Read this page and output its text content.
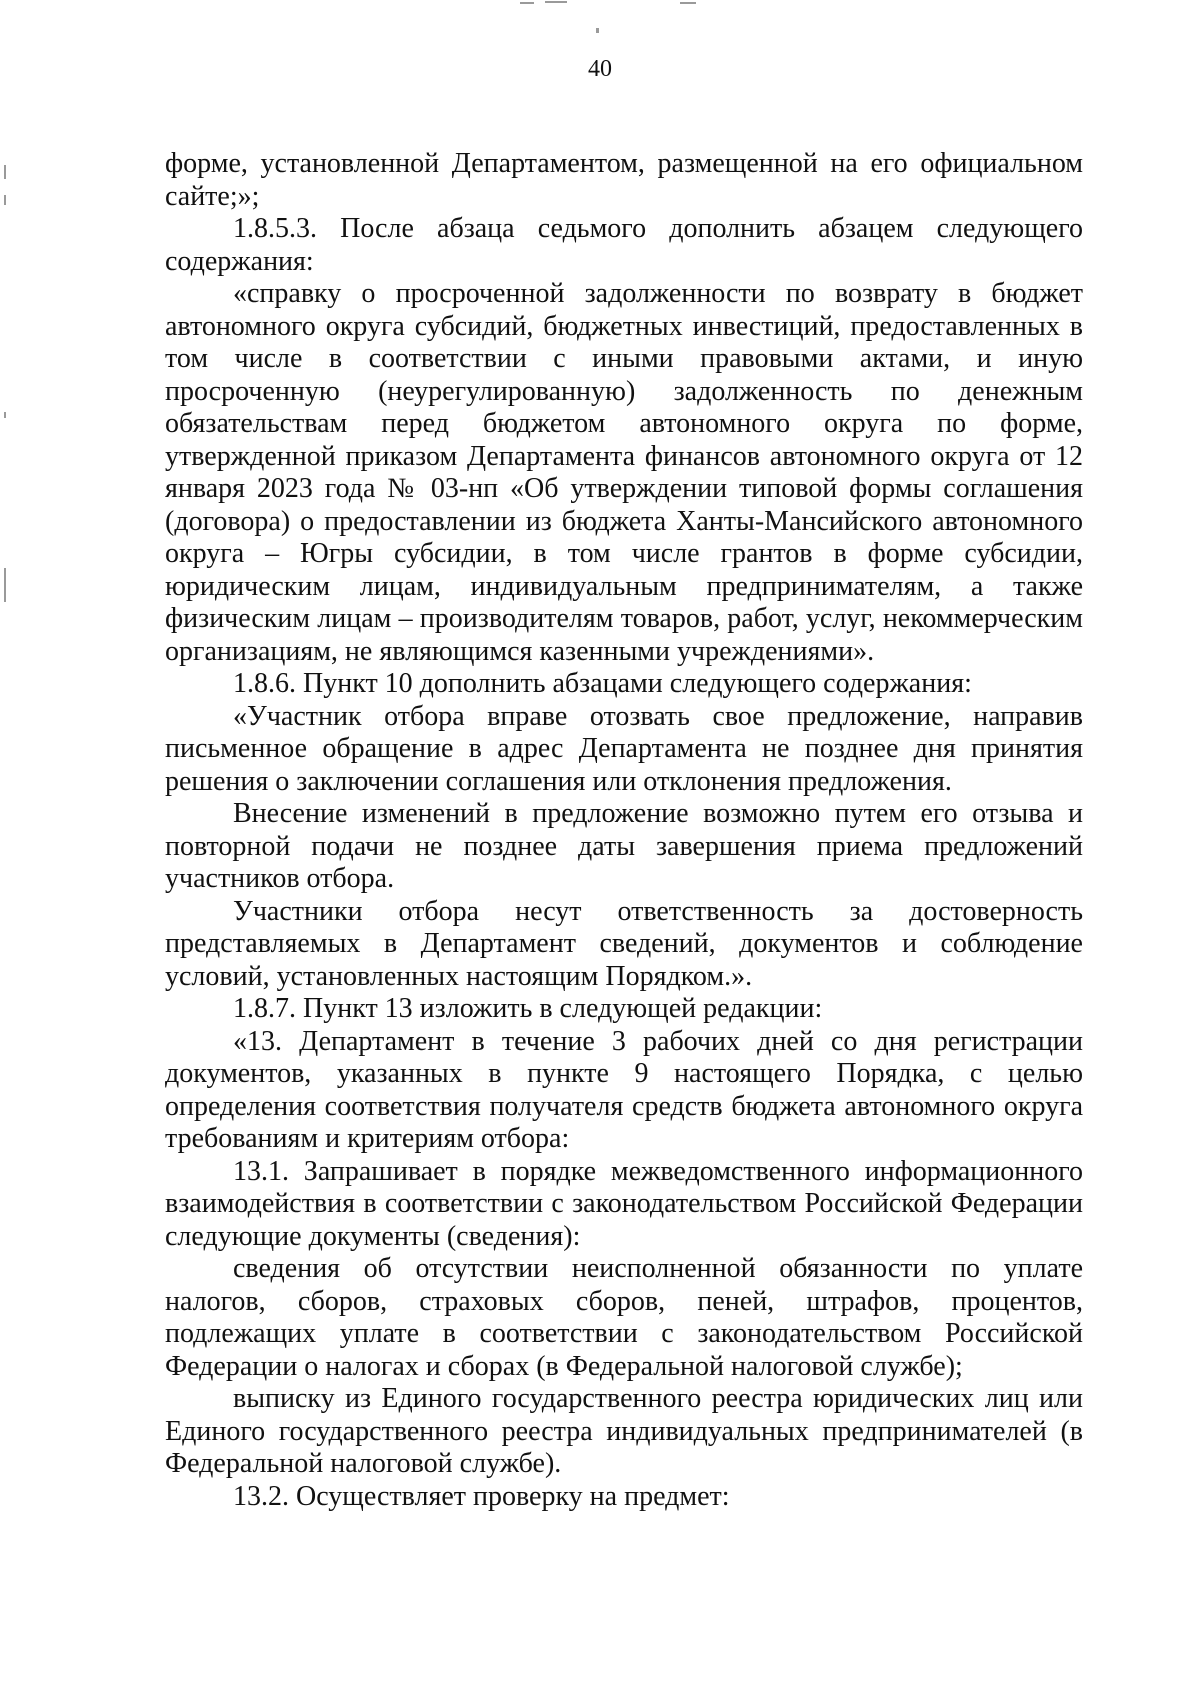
40

форме, установленной Департаментом, размещенной на его официальном сайте;»;

1.8.5.3. После абзаца седьмого дополнить абзацем следующего содержания:

«справку о просроченной задолженности по возврату в бюджет автономного округа субсидий, бюджетных инвестиций, предоставленных в том числе в соответствии с иными правовыми актами, и иную просроченную (неурегулированную) задолженность по денежным обязательствам перед бюджетом автономного округа по форме, утвержденной приказом Департамента финансов автономного округа от 12 января 2023 года № 03-нп «Об утверждении типовой формы соглашения (договора) о предоставлении из бюджета Ханты-Мансийского автономного округа – Югры субсидии, в том числе грантов в форме субсидии, юридическим лицам, индивидуальным предпринимателям, а также физическим лицам – производителям товаров, работ, услуг, некоммерческим организациям, не являющимся казенными учреждениями».

1.8.6. Пункт 10 дополнить абзацами следующего содержания:

«Участник отбора вправе отозвать свое предложение, направив письменное обращение в адрес Департамента не позднее дня принятия решения о заключении соглашения или отклонения предложения.

Внесение изменений в предложение возможно путем его отзыва и повторной подачи не позднее даты завершения приема предложений участников отбора.

Участники отбора несут ответственность за достоверность представляемых в Департамент сведений, документов и соблюдение условий, установленных настоящим Порядком.».

1.8.7. Пункт 13 изложить в следующей редакции:

«13. Департамент в течение 3 рабочих дней со дня регистрации документов, указанных в пункте 9 настоящего Порядка, с целью определения соответствия получателя средств бюджета автономного округа требованиям и критериям отбора:

13.1. Запрашивает в порядке межведомственного информационного взаимодействия в соответствии с законодательством Российской Федерации следующие документы (сведения):

сведения об отсутствии неисполненной обязанности по уплате налогов, сборов, страховых сборов, пеней, штрафов, процентов, подлежащих уплате в соответствии с законодательством Российской Федерации о налогах и сборах (в Федеральной налоговой службе);

выписку из Единого государственного реестра юридических лиц или Единого государственного реестра индивидуальных предпринимателей (в Федеральной налоговой службе).

13.2. Осуществляет проверку на предмет:
